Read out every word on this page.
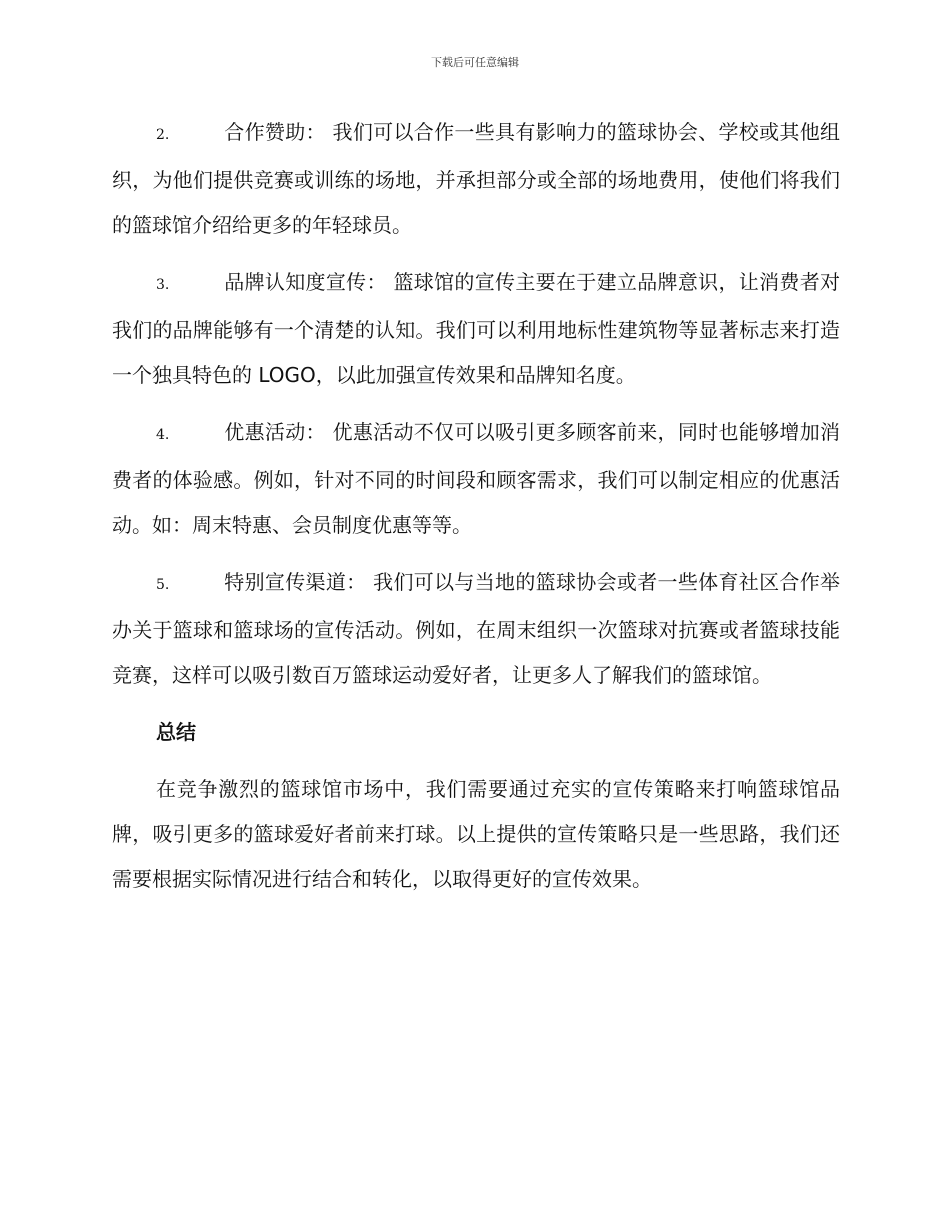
下载后可任意编辑

2.	合作赞助： 我们可以合作一些具有影响力的篮球协会、学校或其他组织，为他们提供竞赛或训练的场地，并承担部分或全部的场地费用，使他们将我们的篮球馆介绍给更多的年轻球员。

3.	品牌认知度宣传： 篮球馆的宣传主要在于建立品牌意识，让消费者对我们的品牌能够有一个清楚的认知。我们可以利用地标性建筑物等显著标志来打造一个独具特色的 LOGO，以此加强宣传效果和品牌知名度。

4.	优惠活动： 优惠活动不仅可以吸引更多顾客前来，同时也能够增加消费者的体验感。例如，针对不同的时间段和顾客需求，我们可以制定相应的优惠活动。如：周末特惠、会员制度优惠等等。

5.	特别宣传渠道： 我们可以与当地的篮球协会或者一些体育社区合作举办关于篮球和篮球场的宣传活动。例如，在周末组织一次篮球对抗赛或者篮球技能竞赛，这样可以吸引数百万篮球运动爱好者，让更多人了解我们的篮球馆。

总结

在竞争激烈的篮球馆市场中，我们需要通过充实的宣传策略来打响篮球馆品牌，吸引更多的篮球爱好者前来打球。以上提供的宣传策略只是一些思路，我们还需要根据实际情况进行结合和转化，以取得更好的宣传效果。
